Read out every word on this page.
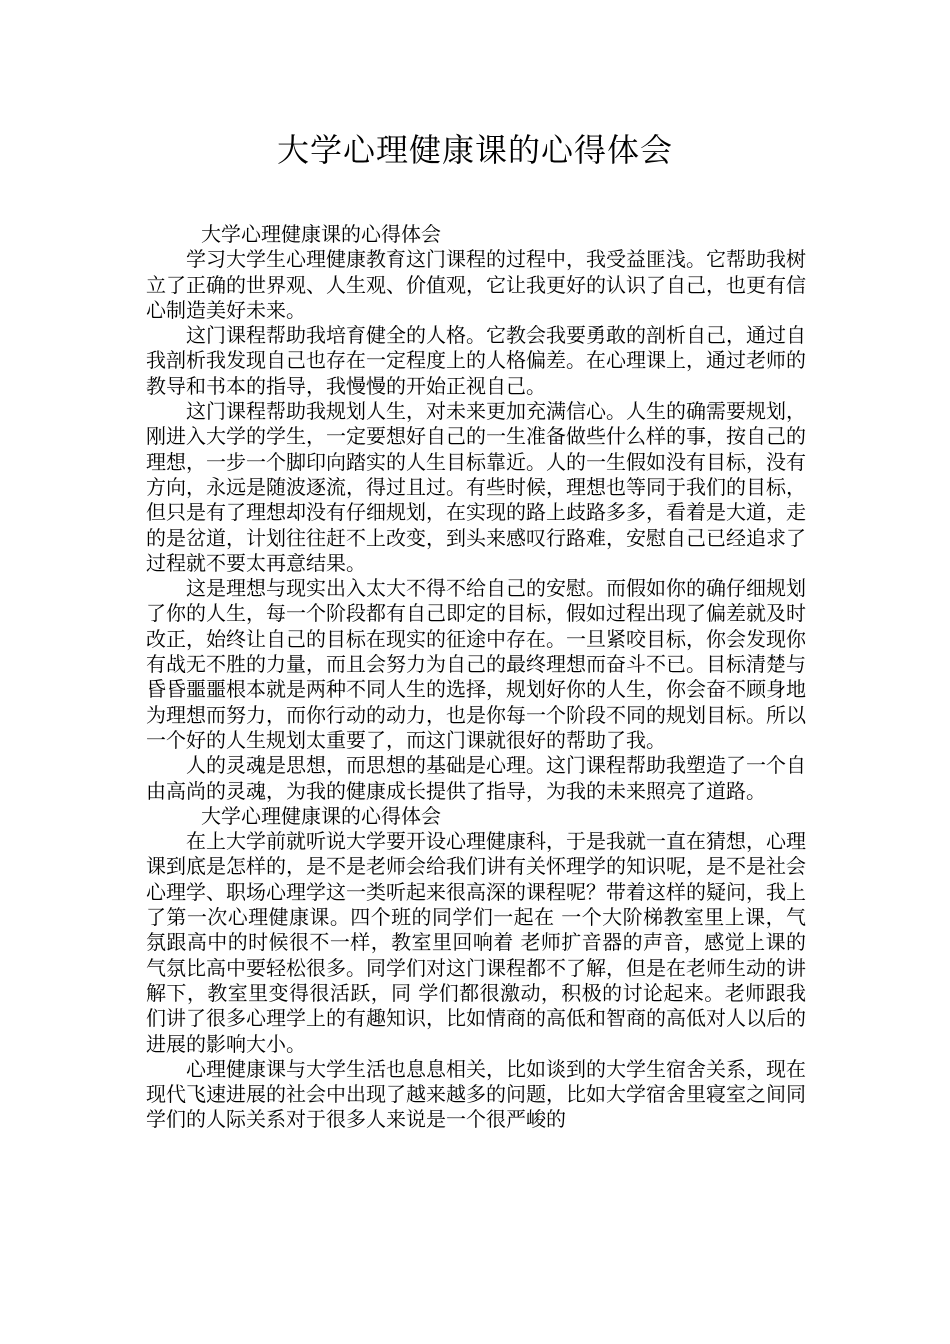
大学心理健康课的心得体会

大学心理健康课的心得体会

学习大学生心理健康教育这门课程的过程中，我受益匪浅。它帮助我树立了正确的世界观、人生观、价值观，它让我更好的认识了自己，也更有信心制造美好未来。

这门课程帮助我培育健全的人格。它教会我要勇敢的剖析自己，通过自我剖析我发现自己也存在一定程度上的人格偏差。在心理课上，通过老师的教导和书本的指导，我慢慢的开始正视自己。

这门课程帮助我规划人生，对未来更加充满信心。人生的确需要规划，刚进入大学的学生，一定要想好自己的一生准备做些什么样的事，按自己的理想，一步一个脚印向踏实的人生目标靠近。人的一生假如没有目标，没有方向，永远是随波逐流，得过且过。有些时候，理想也等同于我们的目标，但只是有了理想却没有仔细规划，在实现的路上歧路多多，看着是大道，走的是岔道，计划往往赶不上改变，到头来感叹行路难，安慰自己已经追求了过程就不要太再意结果。

这是理想与现实出入太大不得不给自己的安慰。而假如你的确仔细规划了你的人生，每一个阶段都有自己即定的目标，假如过程出现了偏差就及时改正，始终让自己的目标在现实的征途中存在。一旦紧咬目标，你会发现你有战无不胜的力量，而且会努力为自己的最终理想而奋斗不已。目标清楚与昏昏噩噩根本就是两种不同人生的选择，规划好你的人生，你会奋不顾身地为理想而努力，而你行动的动力，也是你每一个阶段不同的规划目标。所以一个好的人生规划太重要了，而这门课就很好的帮助了我。

人的灵魂是思想，而思想的基础是心理。这门课程帮助我塑造了一个自由高尚的灵魂，为我的健康成长提供了指导，为我的未来照亮了道路。

大学心理健康课的心得体会

在上大学前就听说大学要开设心理健康科，于是我就一直在猜想，心理课到底是怎样的，是不是老师会给我们讲有关怀理学的知识呢，是不是社会心理学、职场心理学这一类听起来很高深的课程呢？带着这样的疑问，我上了第一次心理健康课。四个班的同学们一起在 一个大阶梯教室里上课，气氛跟高中的时候很不一样，教室里回响着 老师扩音器的声音，感觉上课的气氛比高中要轻松很多。同学们对这门课程都不了解，但是在老师生动的讲解下，教室里变得很活跃，同 学们都很激动，积极的讨论起来。老师跟我们讲了很多心理学上的有趣知识，比如情商的高低和智商的高低对人以后的进展的影响大小。

心理健康课与大学生活也息息相关，比如谈到的大学生宿舍关系，现在现代飞速进展的社会中出现了越来越多的问题，比如大学宿舍里寝室之间同学们的人际关系对于很多人来说是一个很严峻的
